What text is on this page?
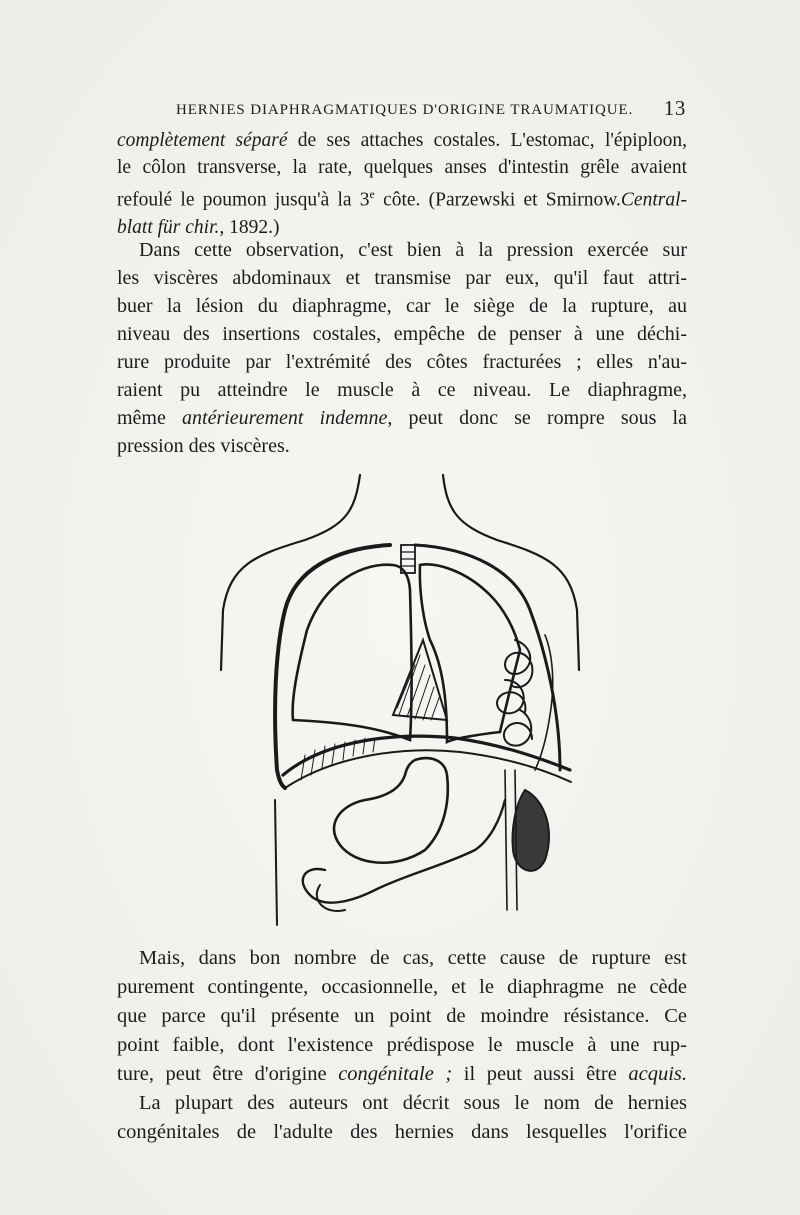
HERNIES DIAPHRAGMATIQUES D'ORIGINE TRAUMATIQUE. 13
complètement séparé de ses attaches costales. L'estomac, l'épiploon,
le côlon transverse, la rate, quelques anses d'intestin grêle avaient
refoulé le poumon jusqu'à la 3e côte. (Parzewski et Smirnow.Central-
blatt für chir., 1892.)
Dans cette observation, c'est bien à la pression exercée sur
les viscères abdominaux et transmise par eux, qu'il faut attri-
buer la lésion du diaphragme, car le siège de la rupture, au
niveau des insertions costales, empêche de penser à une déchi-
rure produite par l'extrémité des côtes fracturées ; elles n'au-
raient pu atteindre le muscle à ce niveau. Le diaphragme,
même antérieurement indemne, peut donc se rompre sous la
pression des viscères.
Mais, dans bon nombre de cas, cette cause de rupture est
purement contingente, occasionnelle, et le diaphragme ne cède
que parce qu'il présente un point de moindre résistance. Ce
point faible, dont l'existence prédispose le muscle à une rup-
ture, peut être d'origine congénitale ; il peut aussi être acquis.
La plupart des auteurs ont décrit sous le nom de hernies
congénitales de l'adulte des hernies dans lesquelles l'orifice
